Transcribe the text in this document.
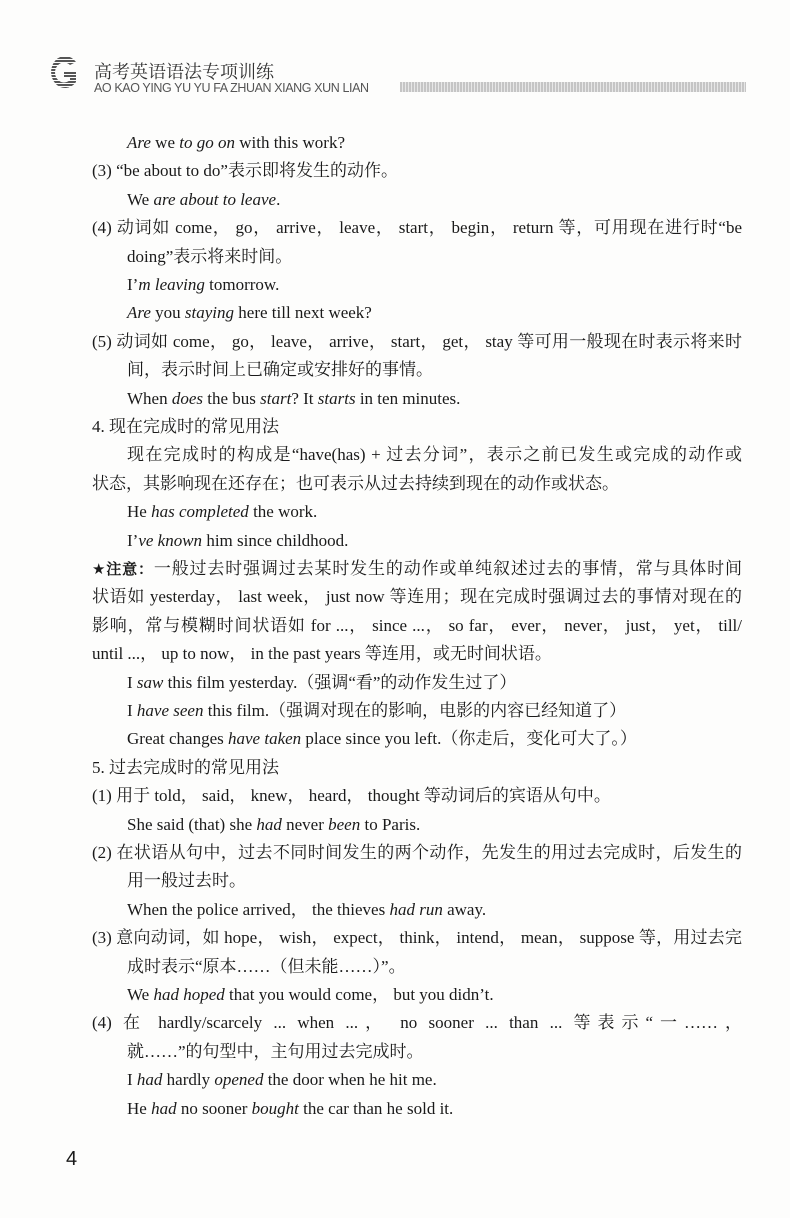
高考英语语法专项训练
AO KAO YING YU YU FA ZHUAN XIANG XUN LIAN
Are we to go on with this work?
(3) “be about to do”表示即将发生的动作。
We are about to leave.
(4) 动词如 come， go， arrive， leave， start， begin， return 等，可用现在进行时“be
doing”表示将来时间。
I’m leaving tomorrow.
Are you staying here till next week?
(5) 动词如 come， go， leave， arrive， start， get， stay 等可用一般现在时表示将来时
间，表示时间上已确定或安排好的事情。
When does the bus start? It starts in ten minutes.
4. 现在完成时的常见用法
现在完成时的构成是“have(has) + 过去分词”，表示之前已发生或完成的动作或
状态，其影响现在还存在；也可表示从过去持续到现在的动作或状态。
He has completed the work.
I’ve known him since childhood.
★注意：一般过去时强调过去某时发生的动作或单纯叙述过去的事情，常与具体时间
状语如 yesterday， last week， just now 等连用；现在完成时强调过去的事情对现在的
影响，常与模糊时间状语如 for ...， since ...， so far， ever， never， just， yet， till/
until ...， up to now， in the past years 等连用，或无时间状语。
I saw this film yesterday.（强调“看”的动作发生过了）
I have seen this film.（强调对现在的影响，电影的内容已经知道了）
Great changes have taken place since you left.（你走后，变化可大了。）
5. 过去完成时的常见用法
(1) 用于 told， said， knew， heard， thought 等动词后的宾语从句中。
She said (that) she had never been to Paris.
(2) 在状语从句中，过去不同时间发生的两个动作，先发生的用过去完成时，后发生的
用一般过去时。
When the police arrived， the thieves had run away.
(3) 意向动词，如 hope， wish， expect， think， intend， mean， suppose 等，用过去完
成时表示“原本……（但未能……）”。
We had hoped that you would come， but you didn’t.
(4) 在 hardly/scarcely ... when ...， no sooner ... than ... 等表示“一……，
就……”的句型中，主句用过去完成时。
I had hardly opened the door when he hit me.
He had no sooner bought the car than he sold it.
4
